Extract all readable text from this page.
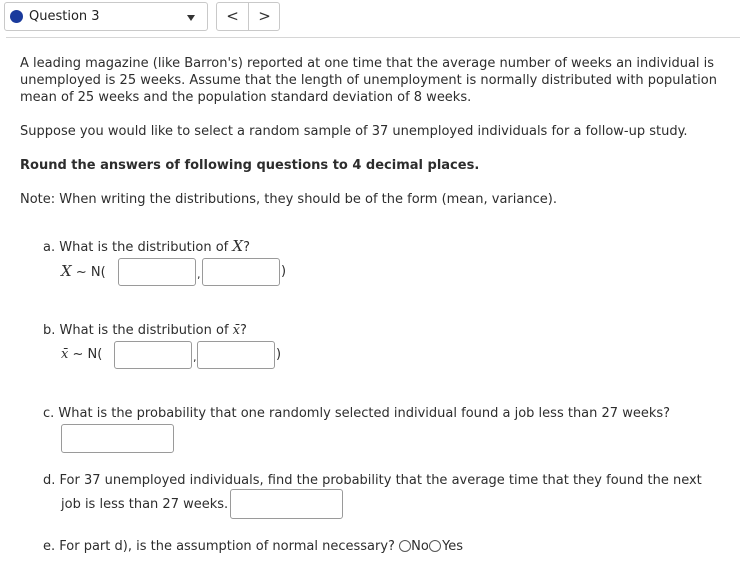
Question 3	<	>

A leading magazine (like Barron's) reported at one time that the average number of weeks an individual is unemployed is 25 weeks. Assume that the length of unemployment is normally distributed with population mean of 25 weeks and the population standard deviation of 8 weeks.

Suppose you would like to select a random sample of 37 unemployed individuals for a follow-up study.

Round the answers of following questions to 4 decimal places.

Note: When writing the distributions, they should be of the form (mean, variance).

a. What is the distribution of X?
X ~ N(	,	)
b. What is the distribution of x̄?
x̄ ~ N(	,	)
c. What is the probability that one randomly selected individual found a job less than 27 weeks?
d. For 37 unemployed individuals, find the probability that the average time that they found the next
job is less than 27 weeks.
e. For part d), is the assumption of normal necessary? No  Yes
